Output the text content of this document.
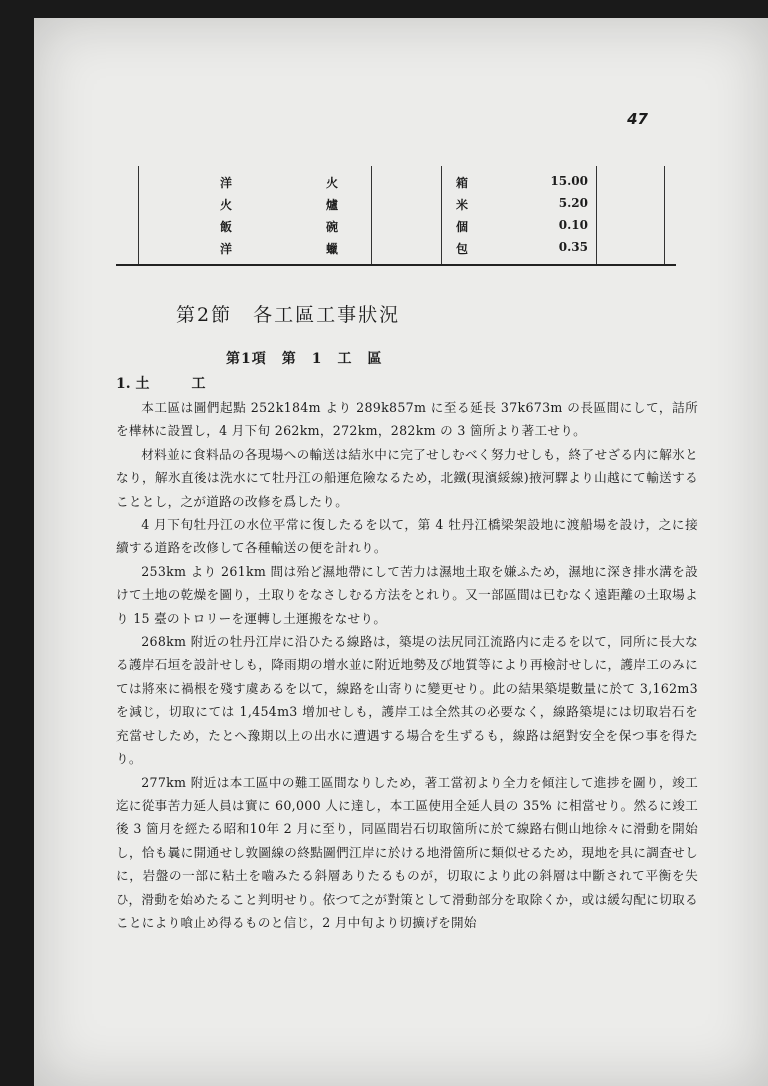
47
洋	火	箱	15.00
火	爐	米	5.20
飯	碗	個	0.10
洋	蠟	包	0.35
第2節　各工區工事狀況
第1項　第　1　工　區
1. 土　　　工

本工區は圖們起點 252k184m より 289k857m に至る延長 37k673m の長區間にして，詰所を樺林に設置し，4 月下旬 262km，272km，282km の 3 箇所より著工せり。

材料並に食料品の各現場への輸送は結氷中に完了せしむべく努力せしも，終了せざる内に解氷となり，解氷直後は洗水にて牡丹江の船運危險なるため，北鐵(現濱綏線)掖河驛より山越にて輸送することとし，之が道路の改修を爲したり。

4 月下旬牡丹江の水位平常に復したるを以て，第 4 牡丹江橋梁架設地に渡船場を設け，之に接續する道路を改修して各種輸送の便を計れり。

253km より 261km 間は殆ど濕地帶にして苦力は濕地土取を嫌ふため，濕地に深き排水溝を設けて土地の乾燥を圖り，土取りをなさしむる方法をとれり。又一部區間は已むなく遠距離の土取場より 15 臺のトロリーを運轉し土運搬をなせり。

268km 附近の牡丹江岸に沿ひたる線路は，築堤の法尻同江流路内に走るを以て，同所に長大なる護岸石垣を設計せしも，降雨期の增水並に附近地勢及び地質等により再檢討せしに，護岸工のみにては將來に禍根を殘す虞あるを以て，線路を山寄りに變更せり。此の結果築堤數量に於て 3,162m3 を減じ，切取にては 1,454m3 增加せしも，護岸工は全然其の必要なく，線路築堤には切取岩石を充當せしため，たとへ豫期以上の出水に遭遇する場合を生ずるも，線路は絕對安全を保つ事を得たり。

277km 附近は本工區中の難工區間なりしため，著工當初より全力を傾注して進捗を圖り，竣工迄に從事苦力延人員は實に 60,000 人に達し，本工區使用全延人員の 35% に相當せり。然るに竣工後 3 箇月を經たる昭和10年 2 月に至り，同區間岩石切取箇所に於て線路右側山地徐々に滑動を開始し，恰も曩に開通せし敦圖線の終點圖們江岸に於ける地滑箇所に類似せるため，現地を具に調査せしに，岩盤の一部に粘土を嚙みたる斜層ありたるものが，切取により此の斜層は中斷されて平衡を失ひ，滑動を始めたること判明せり。依つて之が對策として滑動部分を取除くか，或は緩勾配に切取ることにより喰止め得るものと信じ，2 月中旬より切擴げを開始
